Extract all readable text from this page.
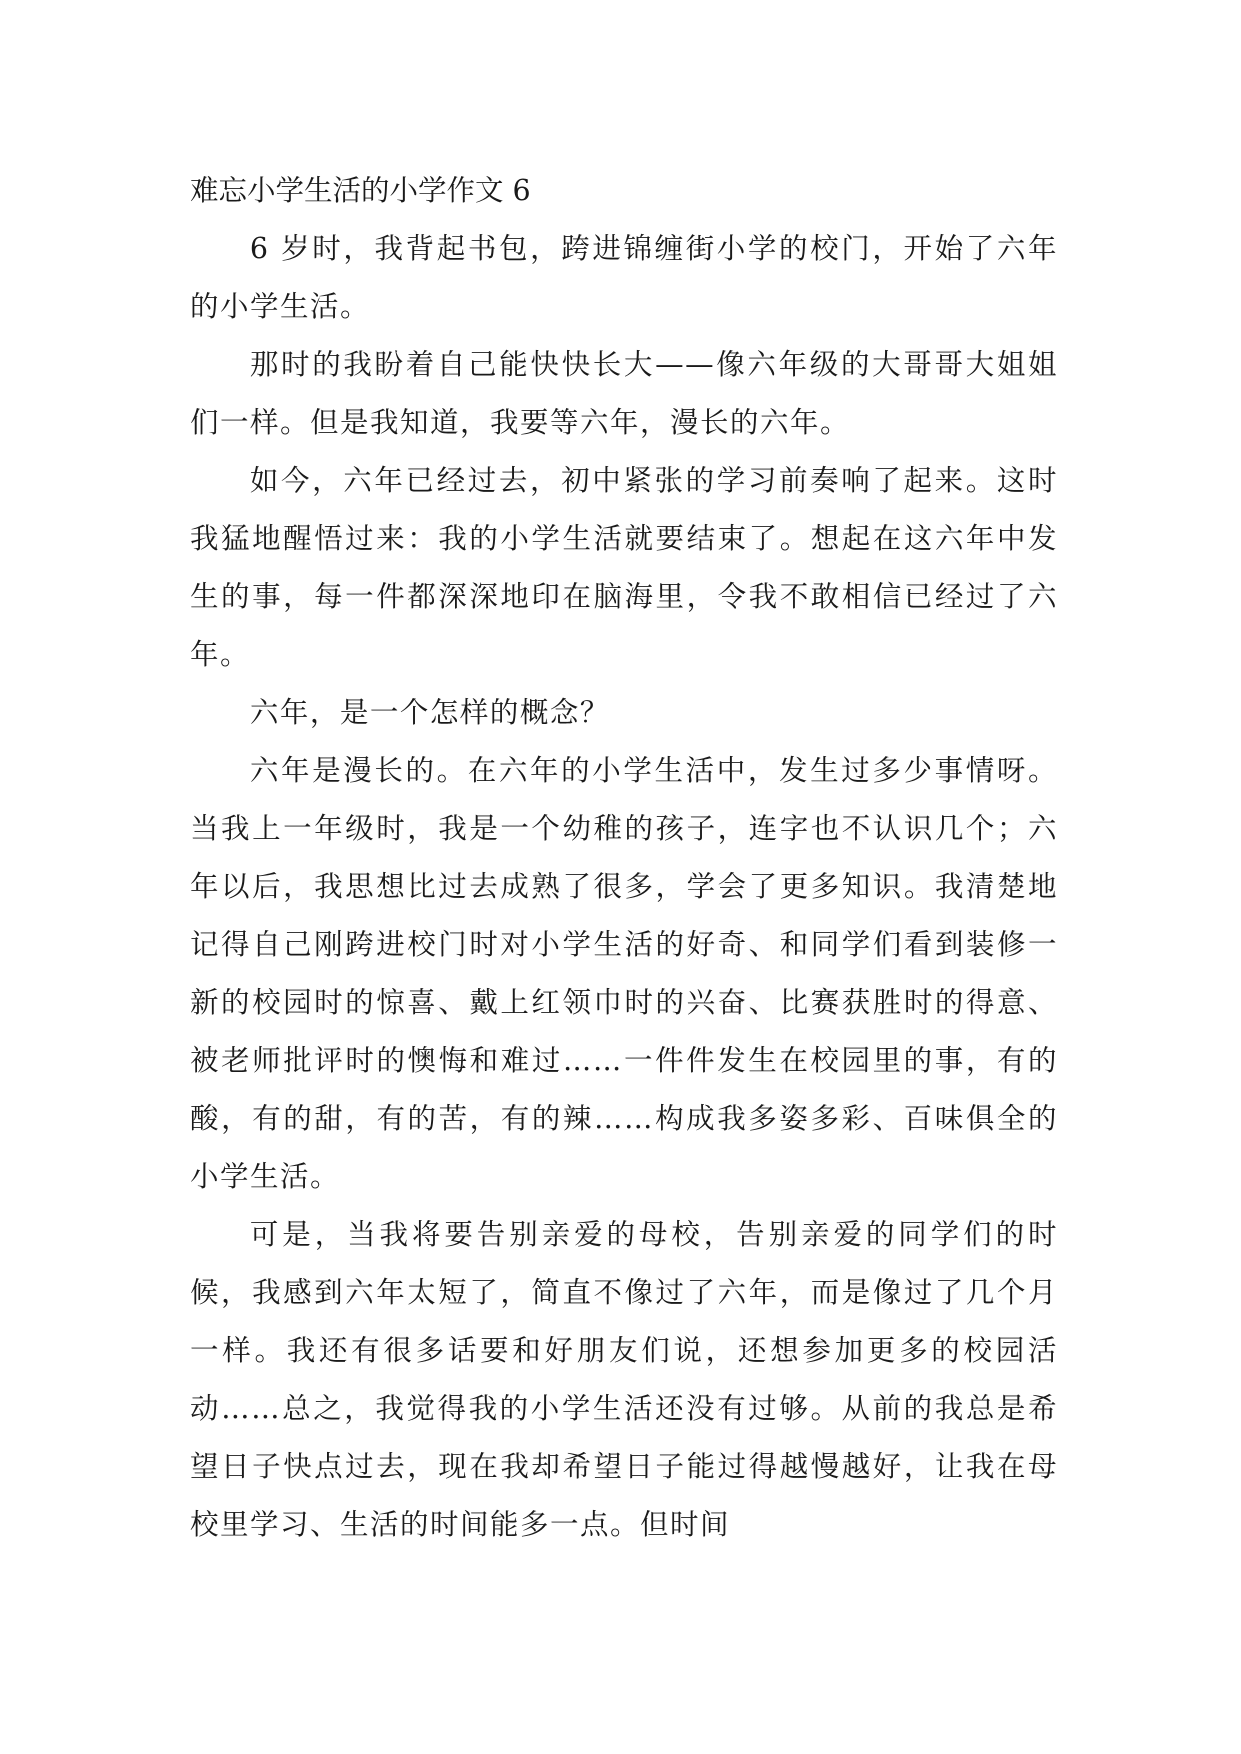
难忘小学生活的小学作文 6

6 岁时，我背起书包，跨进锦缠街小学的校门，开始了六年的小学生活。

那时的我盼着自己能快快长大——像六年级的大哥哥大姐姐们一样。但是我知道，我要等六年，漫长的六年。

如今，六年已经过去，初中紧张的学习前奏响了起来。这时我猛地醒悟过来：我的小学生活就要结束了。想起在这六年中发生的事，每一件都深深地印在脑海里，令我不敢相信已经过了六年。

六年，是一个怎样的概念？

六年是漫长的。在六年的小学生活中，发生过多少事情呀。当我上一年级时，我是一个幼稚的孩子，连字也不认识几个；六年以后，我思想比过去成熟了很多，学会了更多知识。我清楚地记得自己刚跨进校门时对小学生活的好奇、和同学们看到装修一新的校园时的惊喜、戴上红领巾时的兴奋、比赛获胜时的得意、被老师批评时的懊悔和难过……一件件发生在校园里的事，有的酸，有的甜，有的苦，有的辣……构成我多姿多彩、百味俱全的小学生活。

可是，当我将要告别亲爱的母校，告别亲爱的同学们的时候，我感到六年太短了，简直不像过了六年，而是像过了几个月一样。我还有很多话要和好朋友们说，还想参加更多的校园活动……总之，我觉得我的小学生活还没有过够。从前的我总是希望日子快点过去，现在我却希望日子能过得越慢越好，让我在母校里学习、生活的时间能多一点。但时间
